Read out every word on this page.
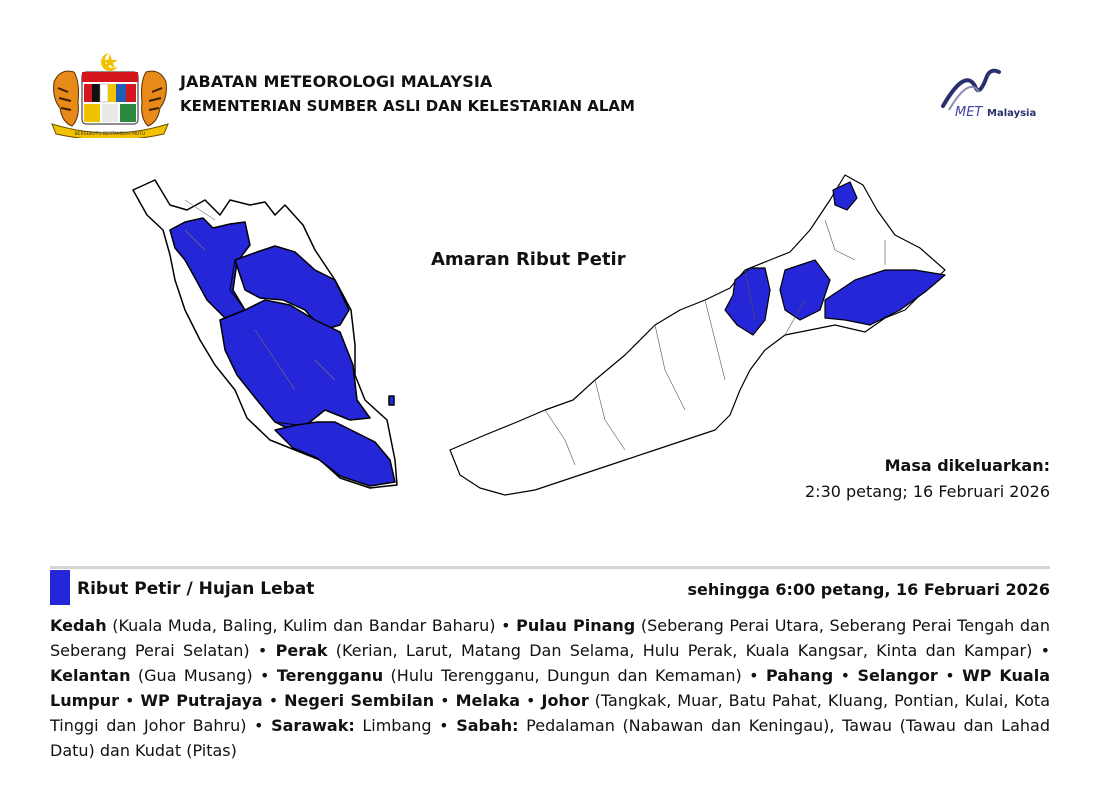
BERSEKUTU BERTAMBAH MUTU
JABATAN METEOROLOGI MALAYSIA
KEMENTERIAN SUMBER ASLI DAN KELESTARIAN ALAM	MET Malaysia
Amaran Ribut Petir
Masa dikeluarkan:
2:30 petang; 16 Februari 2026
Ribut Petir / Hujan Lebat	sehingga 6:00 petang, 16 Februari 2026
Kedah (Kuala Muda, Baling, Kulim dan Bandar Baharu) • Pulau Pinang (Seberang Perai Utara, Seberang Perai Tengah dan Seberang Perai Selatan) • Perak (Kerian, Larut, Matang Dan Selama, Hulu Perak, Kuala Kangsar, Kinta dan Kampar) • Kelantan (Gua Musang) • Terengganu (Hulu Terengganu, Dungun dan Kemaman) • Pahang • Selangor • WP Kuala Lumpur • WP Putrajaya • Negeri Sembilan • Melaka • Johor (Tangkak, Muar, Batu Pahat, Kluang, Pontian, Kulai, Kota Tinggi dan Johor Bahru) • Sarawak: Limbang • Sabah: Pedalaman (Nabawan dan Keningau), Tawau (Tawau dan Lahad Datu) dan Kudat (Pitas)
